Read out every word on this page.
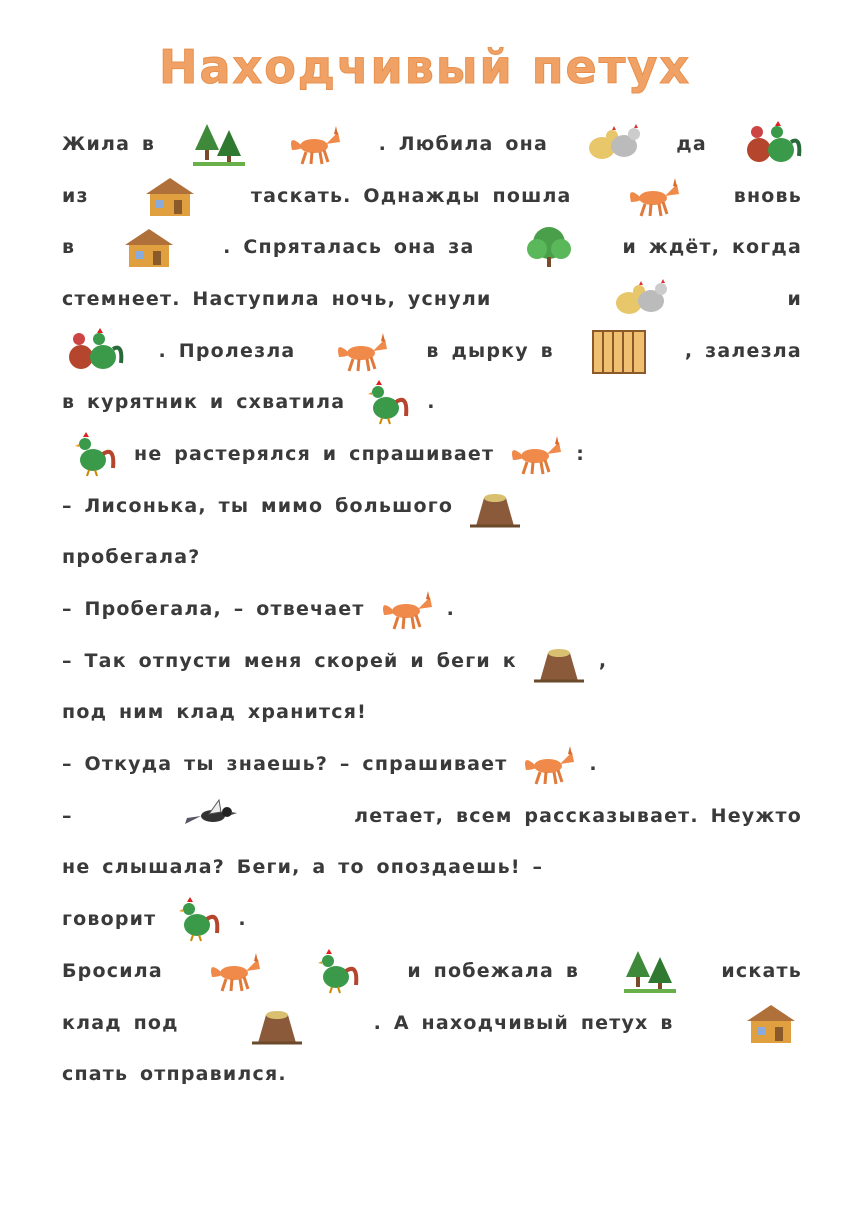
Находчивый петух
Жила в	. Любила она	да
из	таскать. Однажды пошла	вновь
в	. Спряталась она за	и ждёт, когда
стемнеет. Наступила ночь, уснули	и
. Пролезла	в дырку в	, залезла
в курятник и схватила	.
не растерялся и спрашивает	:
– Лисонька, ты мимо большого
пробегала?
– Пробегала, – отвечает	.
– Так отпусти меня скорей и беги к	,
под ним клад хранится!
– Откуда ты знаешь? – спрашивает	.
–	летает, всем рассказывает. Неужто
не слышала? Беги, а то опоздаешь! –
говорит	.
Бросила	и побежала в	искать
клад под	. А находчивый петух в
спать отправился.
